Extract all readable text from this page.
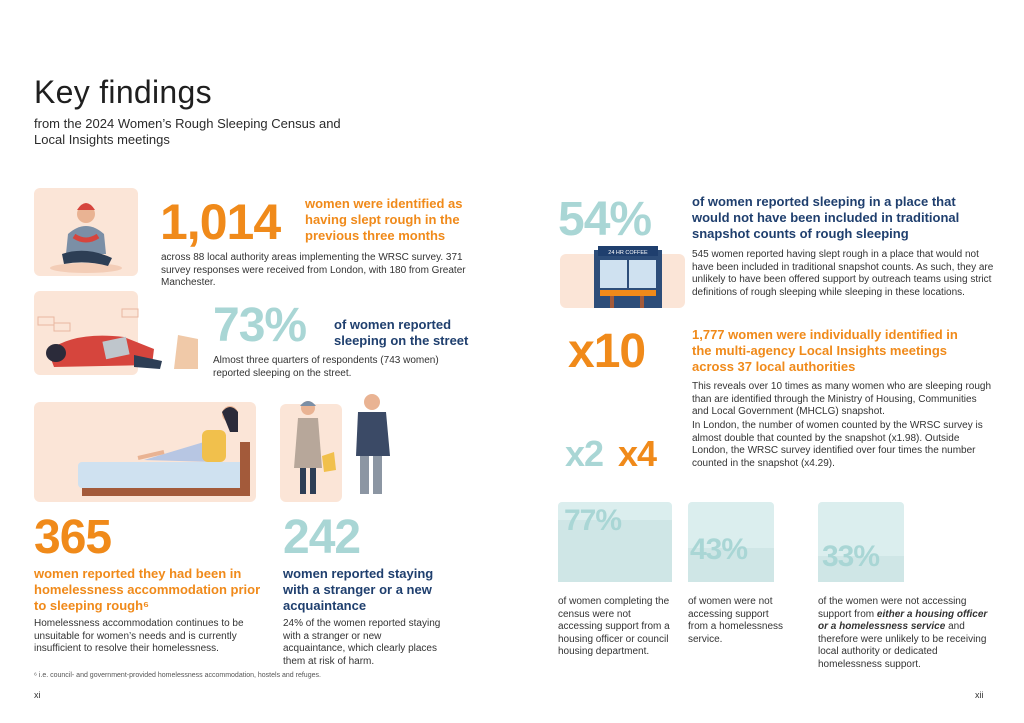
Key findings
from the 2024 Women’s Rough Sleeping Census and Local Insights meetings
1,014 women were identified as having slept rough in the previous three months
across 88 local authority areas implementing the WRSC survey. 371 survey responses were received from London, with 180 from Greater Manchester.
73% of women reported sleeping on the street
Almost three quarters of respondents (743 women) reported sleeping on the street.
365
women reported they had been in homelessness accommodation prior to sleeping rough⁶
Homelessness accommodation continues to be unsuitable for women’s needs and is currently insufficient to resolve their homelessness.
242
women reported staying with a stranger or a new acquaintance
24% of the women reported staying with a stranger or new acquaintance, which clearly places them at risk of harm.
⁶ i.e. council- and government-provided homelessness accommodation, hostels and refuges.
xi	xii
54%	of women reported sleeping in a place that would not have been included in traditional snapshot counts of rough sleeping
24 HR COFFEE	545 women reported having slept rough in a place that would not have been included in traditional snapshot counts. As such, they are unlikely to have been offered support by outreach teams using strict definitions of rough sleeping while sleeping in these locations.
x10	1,777 women were individually identified in the multi-agency Local Insights meetings across 37 local authorities
This reveals over 10 times as many women who are sleeping rough than are identified through the Ministry of Housing, Communities and Local Government (MHCLG) snapshot.
x2 x4
In London, the number of women counted by the WRSC survey is almost double that counted by the snapshot (x1.98). Outside London, the WRSC survey identified over four times the number counted in the snapshot (x4.29).
77%
of women completing the census were not accessing support from a housing officer or council housing department.
43%
of women were not accessing support from a homelessness service.
33%
of the women were not accessing support from either a housing officer or a homelessness service and therefore were unlikely to be receiving local authority or dedicated homelessness support.
